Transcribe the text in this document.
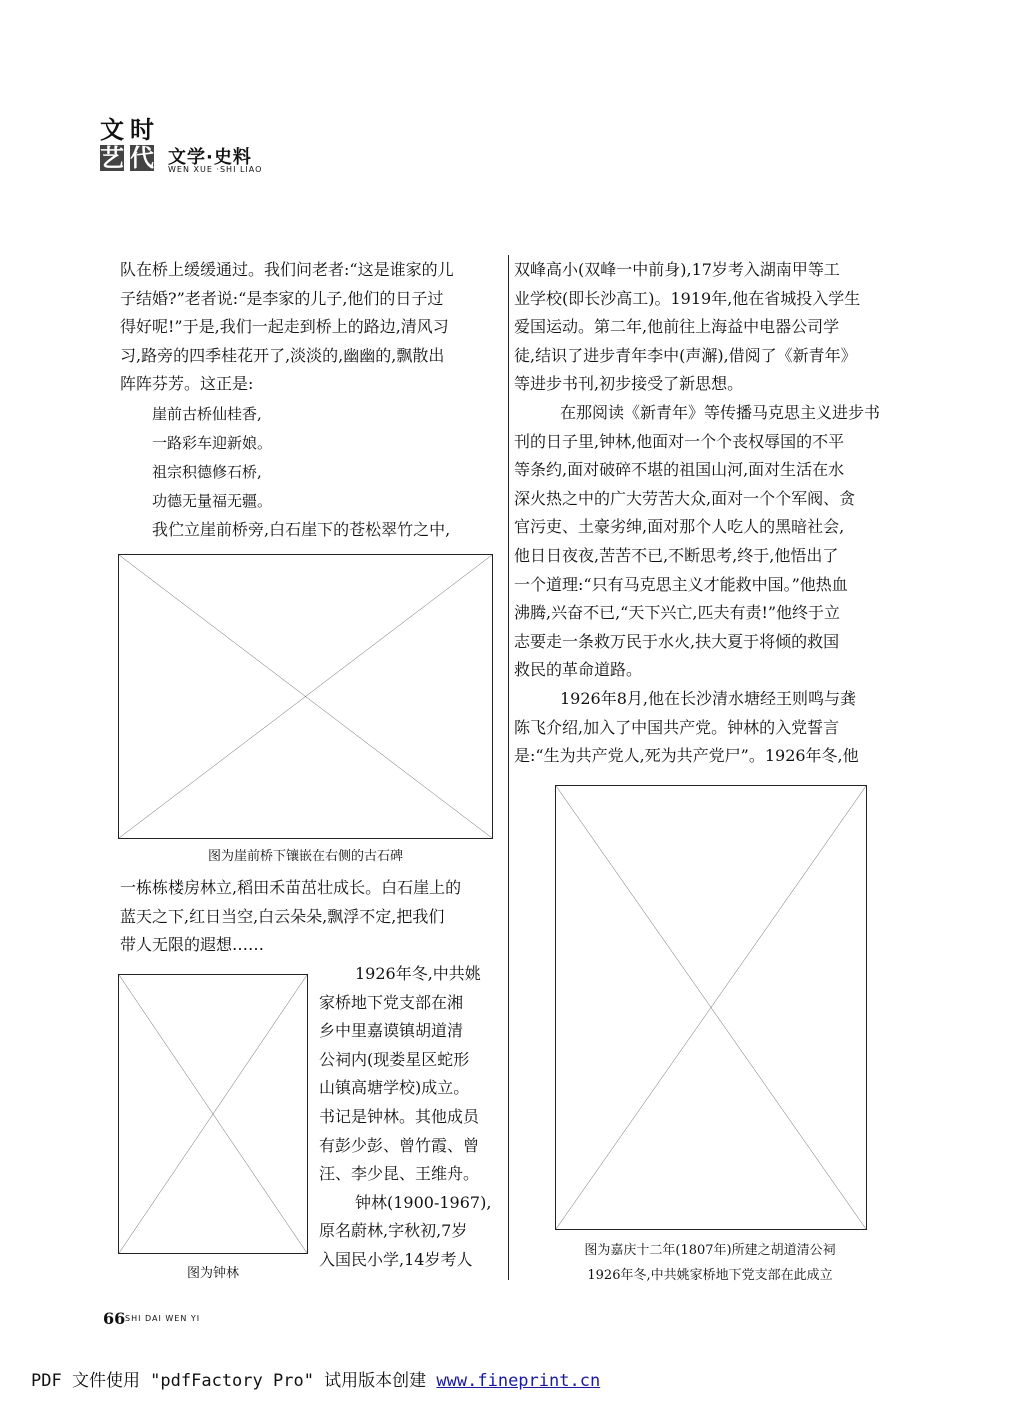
文 时
艺 代 文学·史料
WEN XUE ·SHI LIAO
队在桥上缓缓通过。我们问老者:“这是谁家的儿
子结婚?”老者说:“是李家的儿子,他们的日子过
得好呢!”于是,我们一起走到桥上的路边,清风习
习,路旁的四季桂花开了,淡淡的,幽幽的,飘散出
阵阵芬芳。这正是:
崖前古桥仙桂香,
一路彩车迎新娘。
祖宗积德修石桥,
功德无量福无疆。
我伫立崖前桥旁,白石崖下的苍松翠竹之中,
图为崖前桥下镶嵌在右侧的古石碑
一栋栋楼房林立,稻田禾苗茁壮成长。白石崖上的
蓝天之下,红日当空,白云朵朵,飘浮不定,把我们
带人无限的遐想……
图为钟林
1926年冬,中共姚
家桥地下党支部在湘
乡中里嘉谟镇胡道清
公祠内(现娄星区蛇形
山镇高塘学校)成立。
书记是钟林。其他成员
有彭少彭、曾竹霞、曾
汪、李少昆、王维舟。
钟林(1900-1967),
原名蔚林,字秋初,7岁
入国民小学,14岁考人
双峰高小(双峰一中前身),17岁考入湖南甲等工
业学校(即长沙高工)。1919年,他在省城投入学生
爱国运动。第二年,他前往上海益中电器公司学
徒,结识了进步青年李中(声澥),借阅了《新青年》
等进步书刊,初步接受了新思想。
在那阅读《新青年》等传播马克思主义进步书
刊的日子里,钟林,他面对一个个丧权辱国的不平
等条约,面对破碎不堪的祖国山河,面对生活在水
深火热之中的广大劳苦大众,面对一个个军阀、贪
官污吏、土豪劣绅,面对那个人吃人的黑暗社会,
他日日夜夜,苦苦不已,不断思考,终于,他悟出了
一个道理:“只有马克思主义才能救中国。”他热血
沸腾,兴奋不已,“天下兴亡,匹夫有责!”他终于立
志要走一条救万民于水火,扶大夏于将倾的救国
救民的革命道路。
1926年8月,他在长沙清水塘经王则鸣与龚
陈飞介绍,加入了中国共产党。钟林的入党誓言
是:“生为共产党人,死为共产党尸”。1926年冬,他
图为嘉庆十二年(1807年)所建之胡道清公祠
1926年冬,中共姚家桥地下党支部在此成立
66 SHI DAI WEN YI
PDF 文件使用 "pdfFactory Pro" 试用版本创建 www.fineprint.cn
